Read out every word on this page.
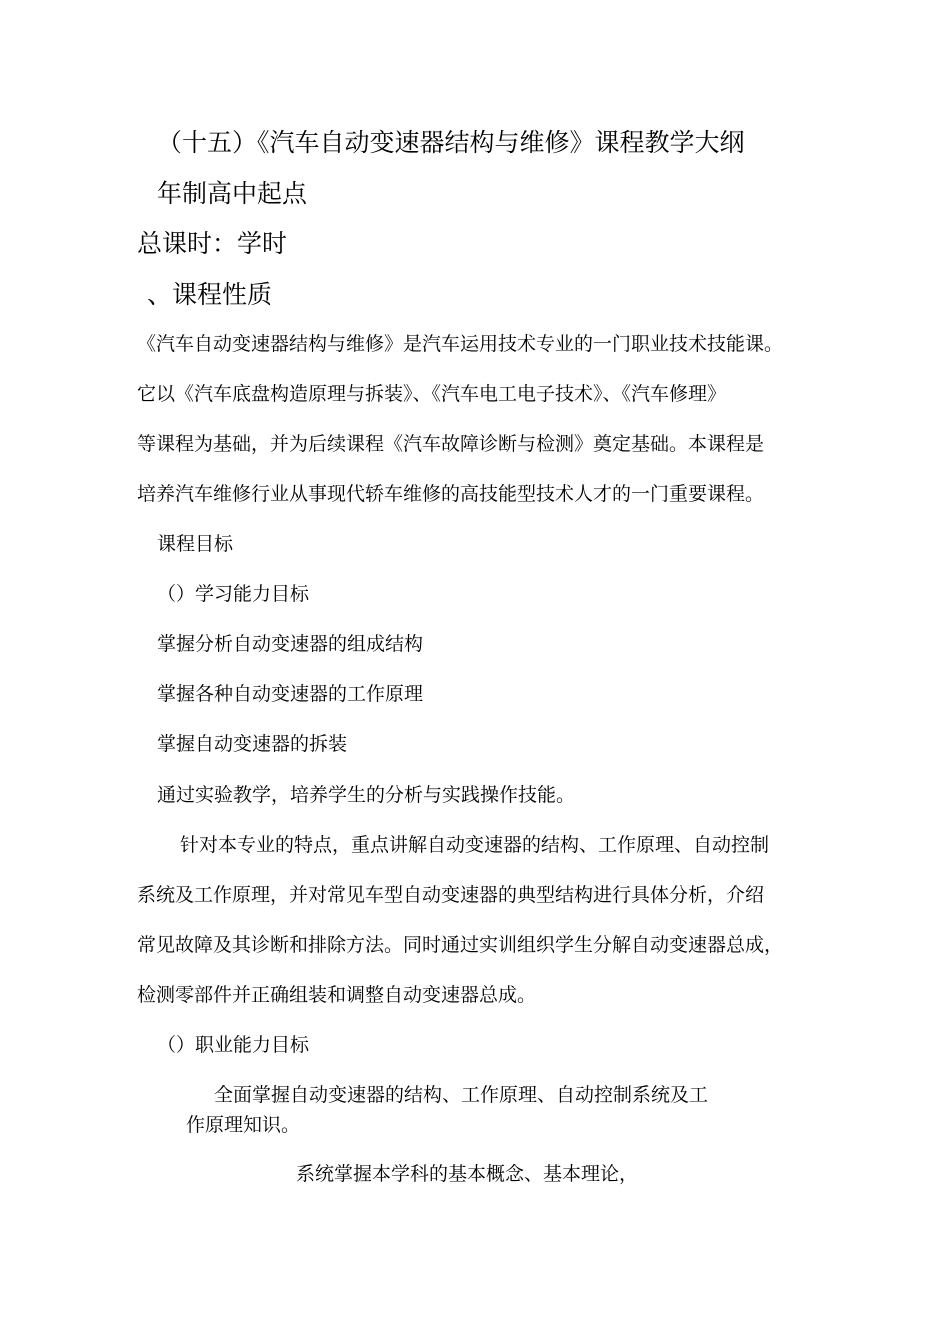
（十五）《汽车自动变速器结构与维修》课程教学大纲
年制高中起点
总课时：学时
、课程性质
《汽车自动变速器结构与维修》是汽车运用技术专业的一门职业技术技能课。
它以《汽车底盘构造原理与拆装》、《汽车电工电子技术》、《汽车修理》
等课程为基础，并为后续课程《汽车故障诊断与检测》奠定基础。本课程是
培养汽车维修行业从事现代轿车维修的高技能型技术人才的一门重要课程。
课程目标
（）学习能力目标
掌握分析自动变速器的组成结构
掌握各种自动变速器的工作原理
掌握自动变速器的拆装
通过实验教学，培养学生的分析与实践操作技能。
针对本专业的特点，重点讲解自动变速器的结构、工作原理、自动控制
系统及工作原理，并对常见车型自动变速器的典型结构进行具体分析，介绍
常见故障及其诊断和排除方法。同时通过实训组织学生分解自动变速器总成，
检测零部件并正确组装和调整自动变速器总成。
（）职业能力目标
全面掌握自动变速器的结构、工作原理、自动控制系统及工
作原理知识。
系统掌握本学科的基本概念、基本理论，
